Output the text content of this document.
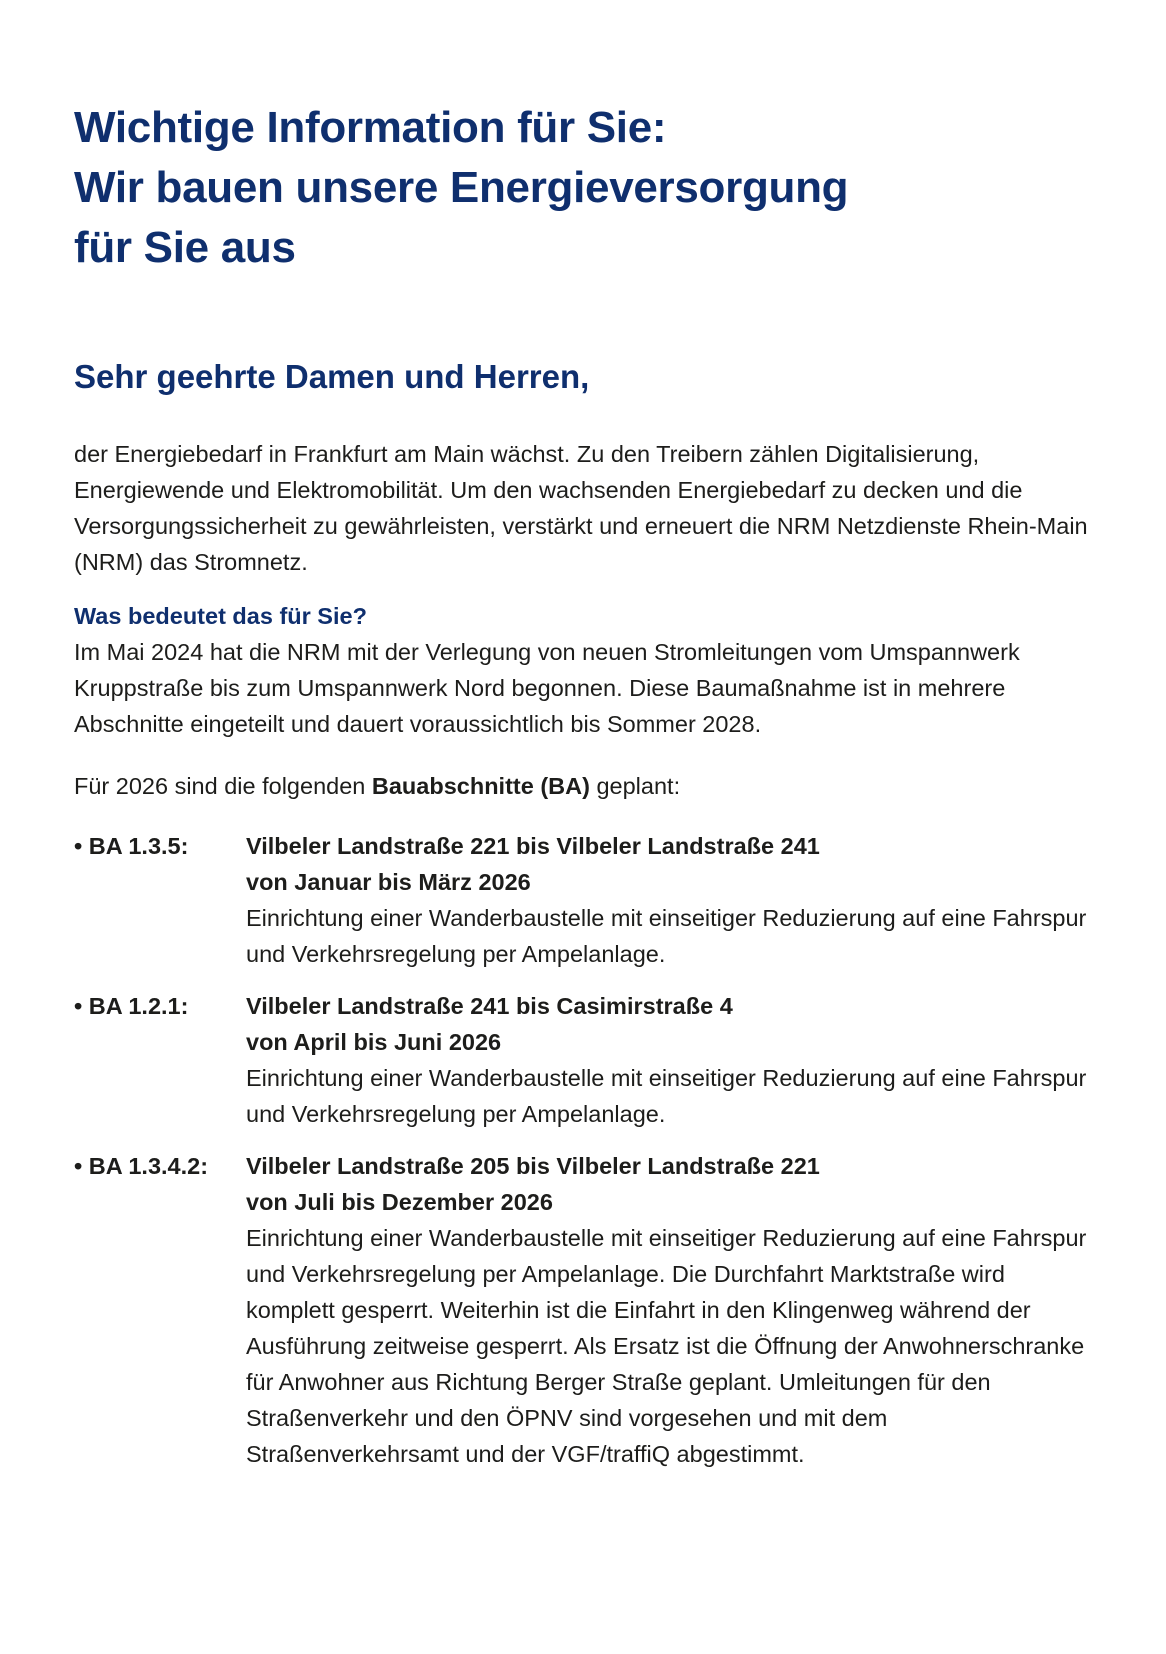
Wichtige Information für Sie:
Wir bauen unsere Energieversorgung
für Sie aus
Sehr geehrte Damen und Herren,

der Energiebedarf in Frankfurt am Main wächst. Zu den Treibern zählen Digitalisierung, Energiewende und Elektromobilität. Um den wachsenden Energiebedarf zu decken und die Versorgungssicherheit zu gewährleisten, verstärkt und erneuert die NRM Netzdienste Rhein-Main (NRM) das Stromnetz.

Was bedeutet das für Sie?

Im Mai 2024 hat die NRM mit der Verlegung von neuen Stromleitungen vom Umspannwerk Kruppstraße bis zum Umspannwerk Nord begonnen. Diese Baumaßnahme ist in mehrere Abschnitte eingeteilt und dauert voraussichtlich bis Sommer 2028.

Für 2026 sind die folgenden Bauabschnitte (BA) geplant:

• BA 1.3.5:	Vilbeler Landstraße 221 bis Vilbeler Landstraße 241
von Januar bis März 2026
Einrichtung einer Wanderbaustelle mit einseitiger Reduzierung auf eine Fahrspur und Verkehrsregelung per Ampelanlage.
• BA 1.2.1:	Vilbeler Landstraße 241 bis Casimirstraße 4
von April bis Juni 2026
Einrichtung einer Wanderbaustelle mit einseitiger Reduzierung auf eine Fahrspur und Verkehrsregelung per Ampelanlage.
• BA 1.3.4.2:	Vilbeler Landstraße 205 bis Vilbeler Landstraße 221
von Juli bis Dezember 2026
Einrichtung einer Wanderbaustelle mit einseitiger Reduzierung auf eine Fahrspur und Verkehrsregelung per Ampelanlage. Die Durchfahrt Marktstraße wird komplett gesperrt. Weiterhin ist die Einfahrt in den Klingenweg während der Ausführung zeitweise gesperrt. Als Ersatz ist die Öffnung der Anwohnerschranke für Anwohner aus Richtung Berger Straße geplant. Umleitungen für den Straßenverkehr und den ÖPNV sind vorgesehen und mit dem Straßenverkehrsamt und der VGF/traffiQ abgestimmt.
